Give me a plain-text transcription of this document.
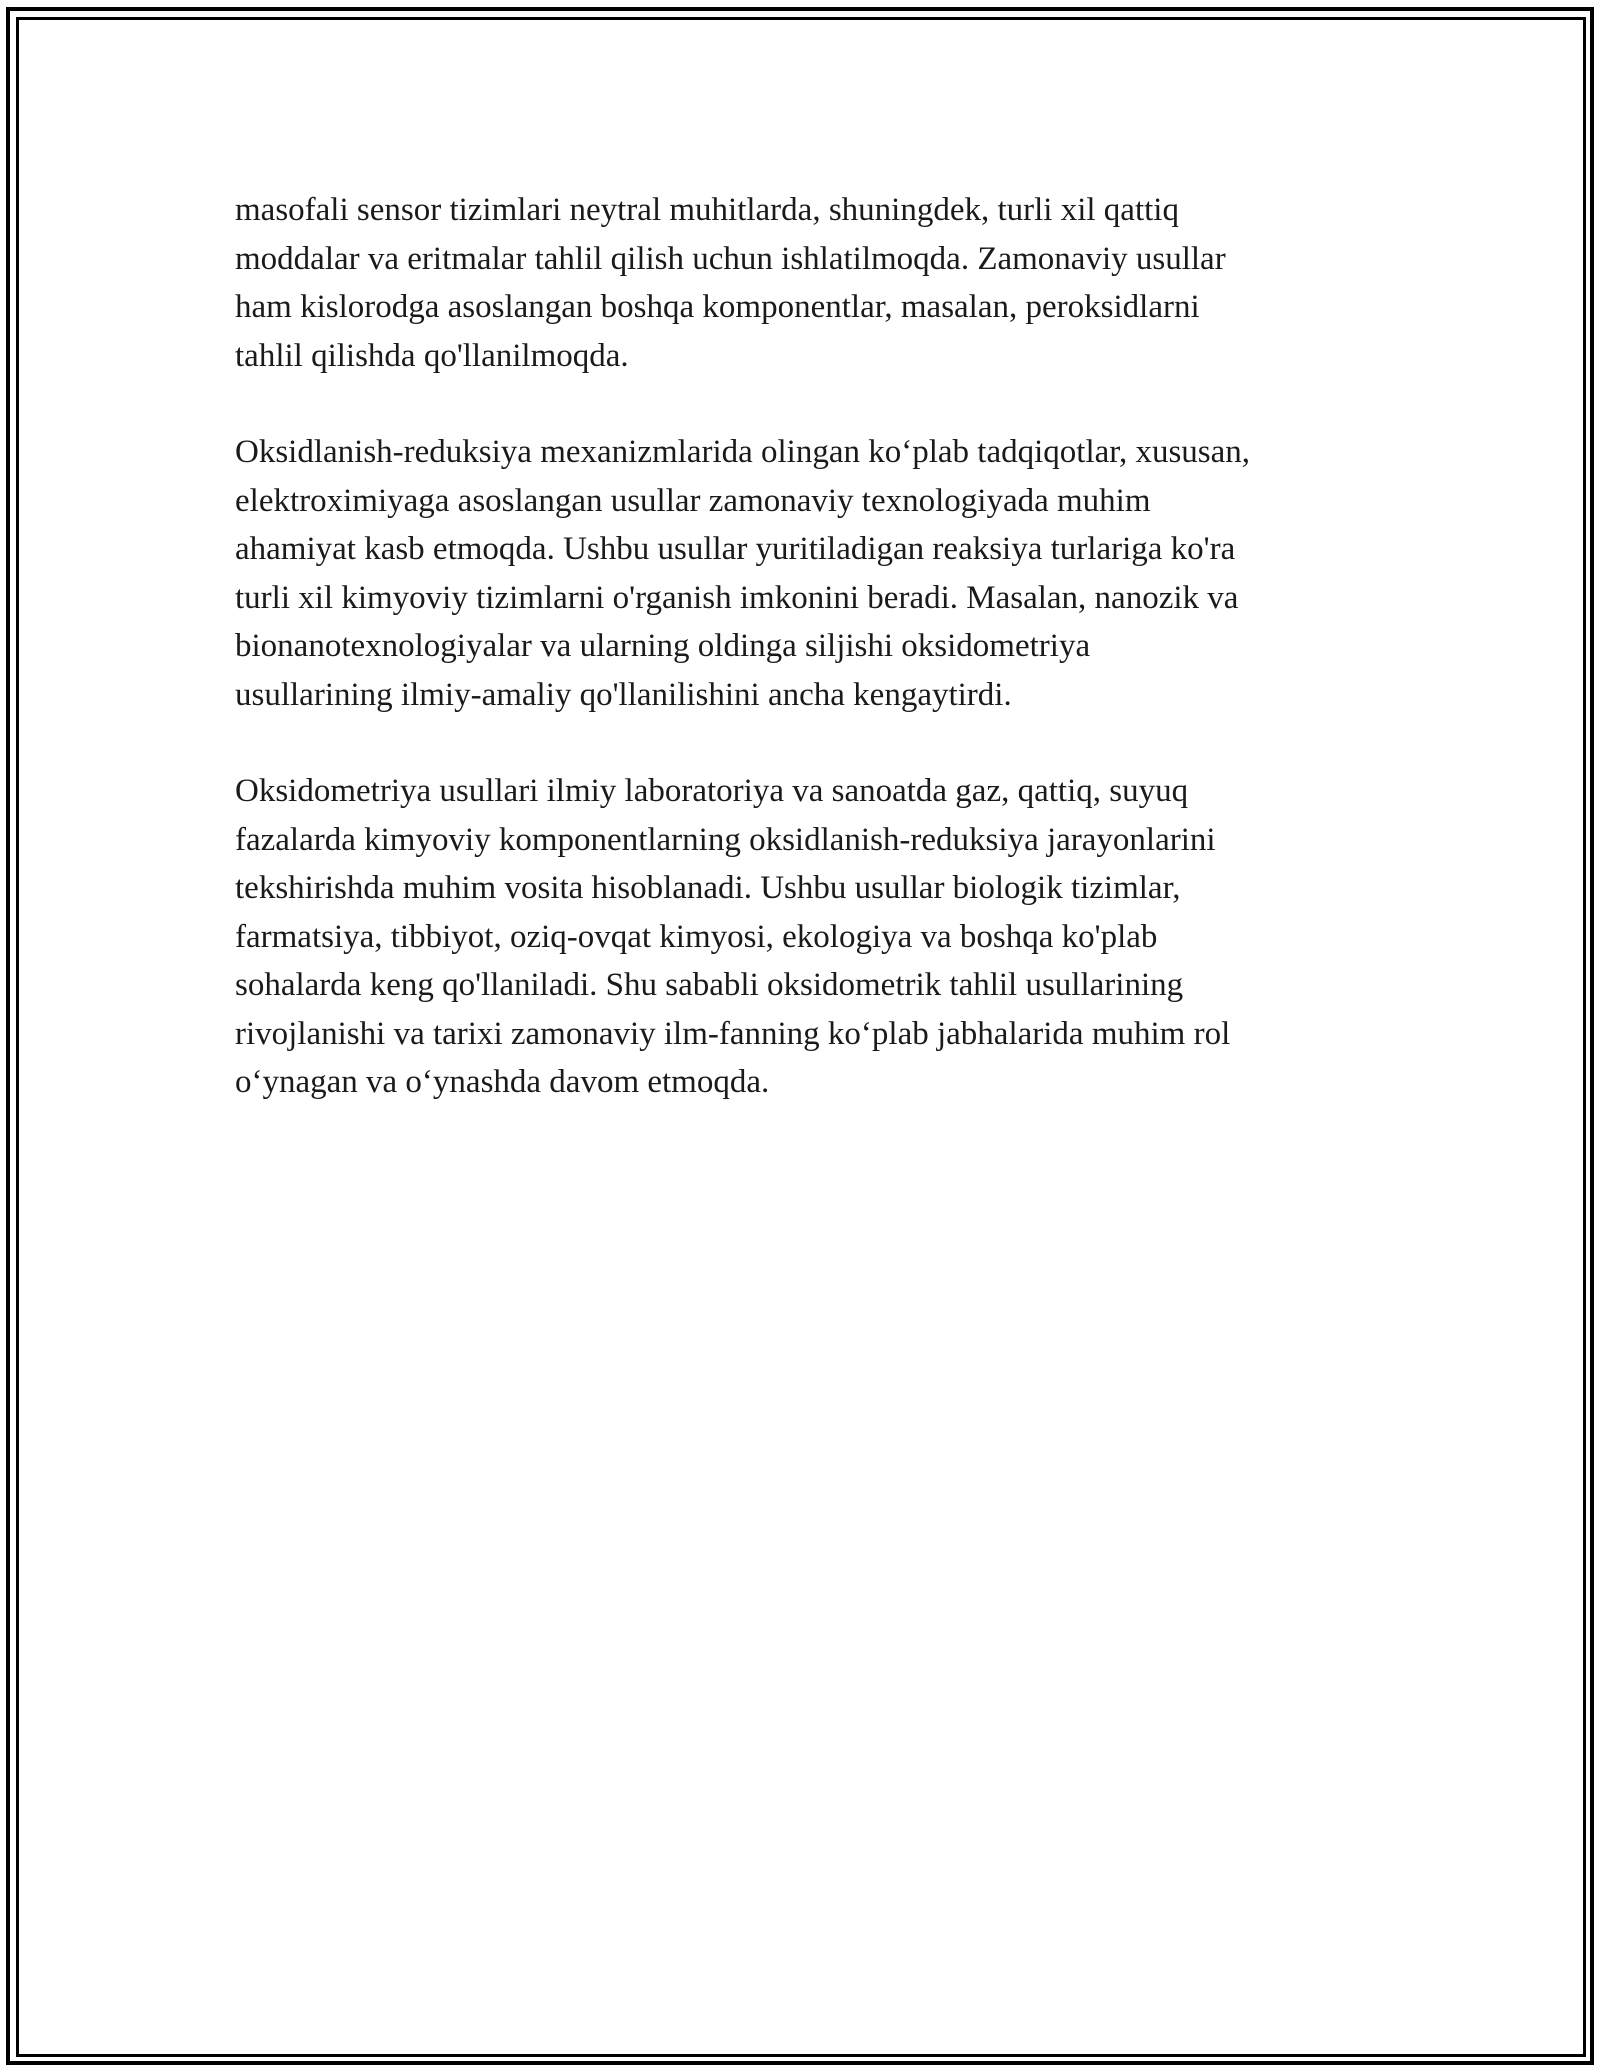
masofali sensor tizimlari neytral muhitlarda, shuningdek, turli xil qattiq
moddalar va eritmalar tahlil qilish uchun ishlatilmoqda. Zamonaviy usullar
ham kislorodga asoslangan boshqa komponentlar, masalan, peroksidlarni
tahlil qilishda qo'llanilmoqda.

Oksidlanish-reduksiya mexanizmlarida olingan ko‘plab tadqiqotlar, xususan,
elektroximiyaga asoslangan usullar zamonaviy texnologiyada muhim
ahamiyat kasb etmoqda. Ushbu usullar yuritiladigan reaksiya turlariga ko'ra
turli xil kimyoviy tizimlarni o'rganish imkonini beradi. Masalan, nanozik va
bionanotexnologiyalar va ularning oldinga siljishi oksidometriya
usullarining ilmiy-amaliy qo'llanilishini ancha kengaytirdi.

Oksidometriya usullari ilmiy laboratoriya va sanoatda gaz, qattiq, suyuq
fazalarda kimyoviy komponentlarning oksidlanish-reduksiya jarayonlarini
tekshirishda muhim vosita hisoblanadi. Ushbu usullar biologik tizimlar,
farmatsiya, tibbiyot, oziq-ovqat kimyosi, ekologiya va boshqa ko'plab
sohalarda keng qo'llaniladi. Shu sababli oksidometrik tahlil usullarining
rivojlanishi va tarixi zamonaviy ilm-fanning ko‘plab jabhalarida muhim rol
o‘ynagan va o‘ynashda davom etmoqda.
